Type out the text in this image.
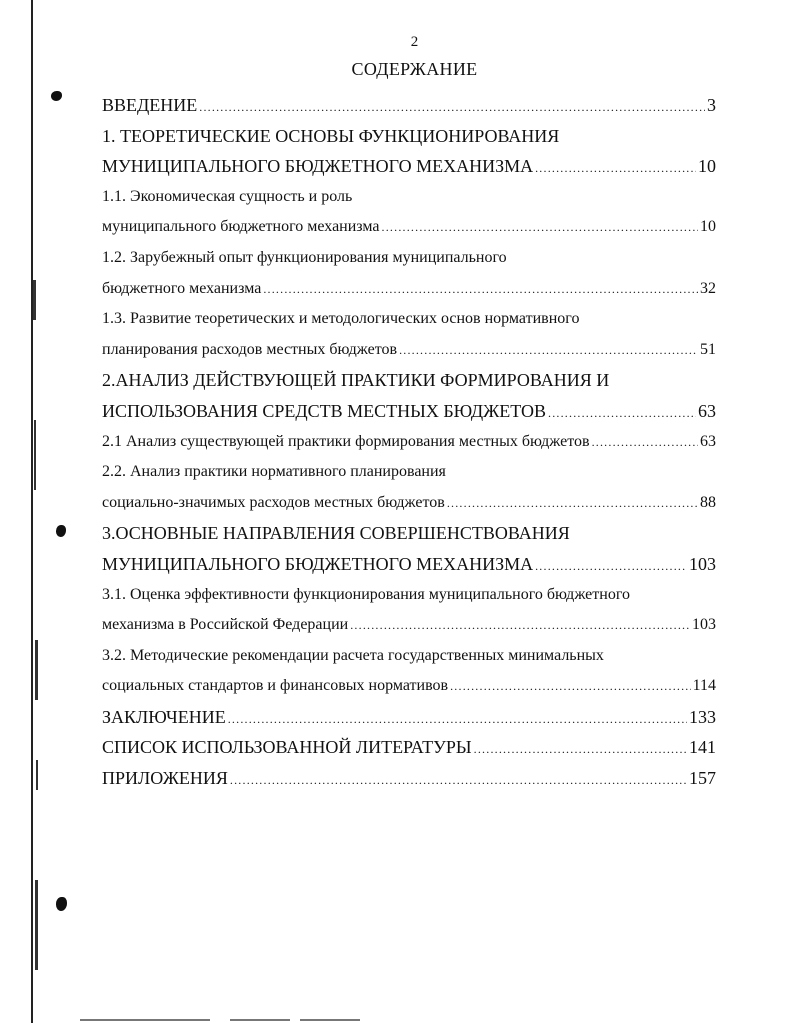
2
СОДЕРЖАНИЕ
ВВЕДЕНИЕ .....	3
1. ТЕОРЕТИЧЕСКИЕ ОСНОВЫ ФУНКЦИОНИРОВАНИЯ
МУНИЦИПАЛЬНОГО БЮДЖЕТНОГО МЕХАНИЗМА .....	10
1.1. Экономическая сущность и роль
муниципального бюджетного механизма .....	10
1.2. Зарубежный опыт функционирования муниципального
бюджетного механизма .....	32
1.3. Развитие теоретических и методологических основ нормативного
планирования расходов местных бюджетов .....	51
2.АНАЛИЗ ДЕЙСТВУЮЩЕЙ ПРАКТИКИ ФОРМИРОВАНИЯ И
ИСПОЛЬЗОВАНИЯ СРЕДСТВ МЕСТНЫХ БЮДЖЕТОВ .....	63
2.1 Анализ существующей практики формирования местных бюджетов .....	63
2.2. Анализ практики нормативного планирования
социально-значимых расходов местных бюджетов .....	88
3.ОСНОВНЫЕ НАПРАВЛЕНИЯ СОВЕРШЕНСТВОВАНИЯ
МУНИЦИПАЛЬНОГО БЮДЖЕТНОГО МЕХАНИЗМА .....	103
3.1. Оценка эффективности функционирования муниципального бюджетного
механизма в Российской Федерации .....	103
3.2. Методические рекомендации расчета государственных минимальных
социальных стандартов и финансовых нормативов .....	114
ЗАКЛЮЧЕНИЕ .....	133
СПИСОК ИСПОЛЬЗОВАННОЙ ЛИТЕРАТУРЫ .....	141
ПРИЛОЖЕНИЯ .....	157
